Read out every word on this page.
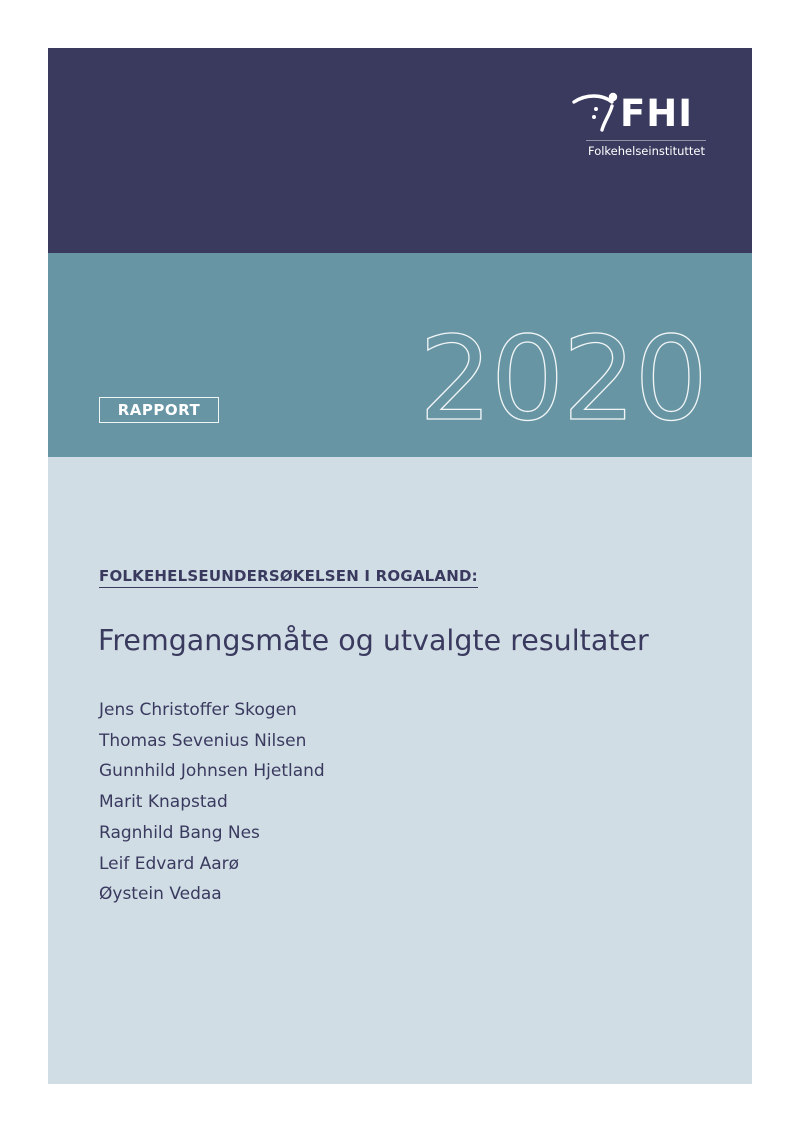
FHI
Folkehelseinstituttet
RAPPORT 2020
FOLKEHELSEUNDERSØKELSEN I ROGALAND:
Fremgangsmåte og utvalgte resultater
Jens Christoffer Skogen
Thomas Sevenius Nilsen
Gunnhild Johnsen Hjetland
Marit Knapstad
Ragnhild Bang Nes
Leif Edvard Aarø
Øystein Vedaa
